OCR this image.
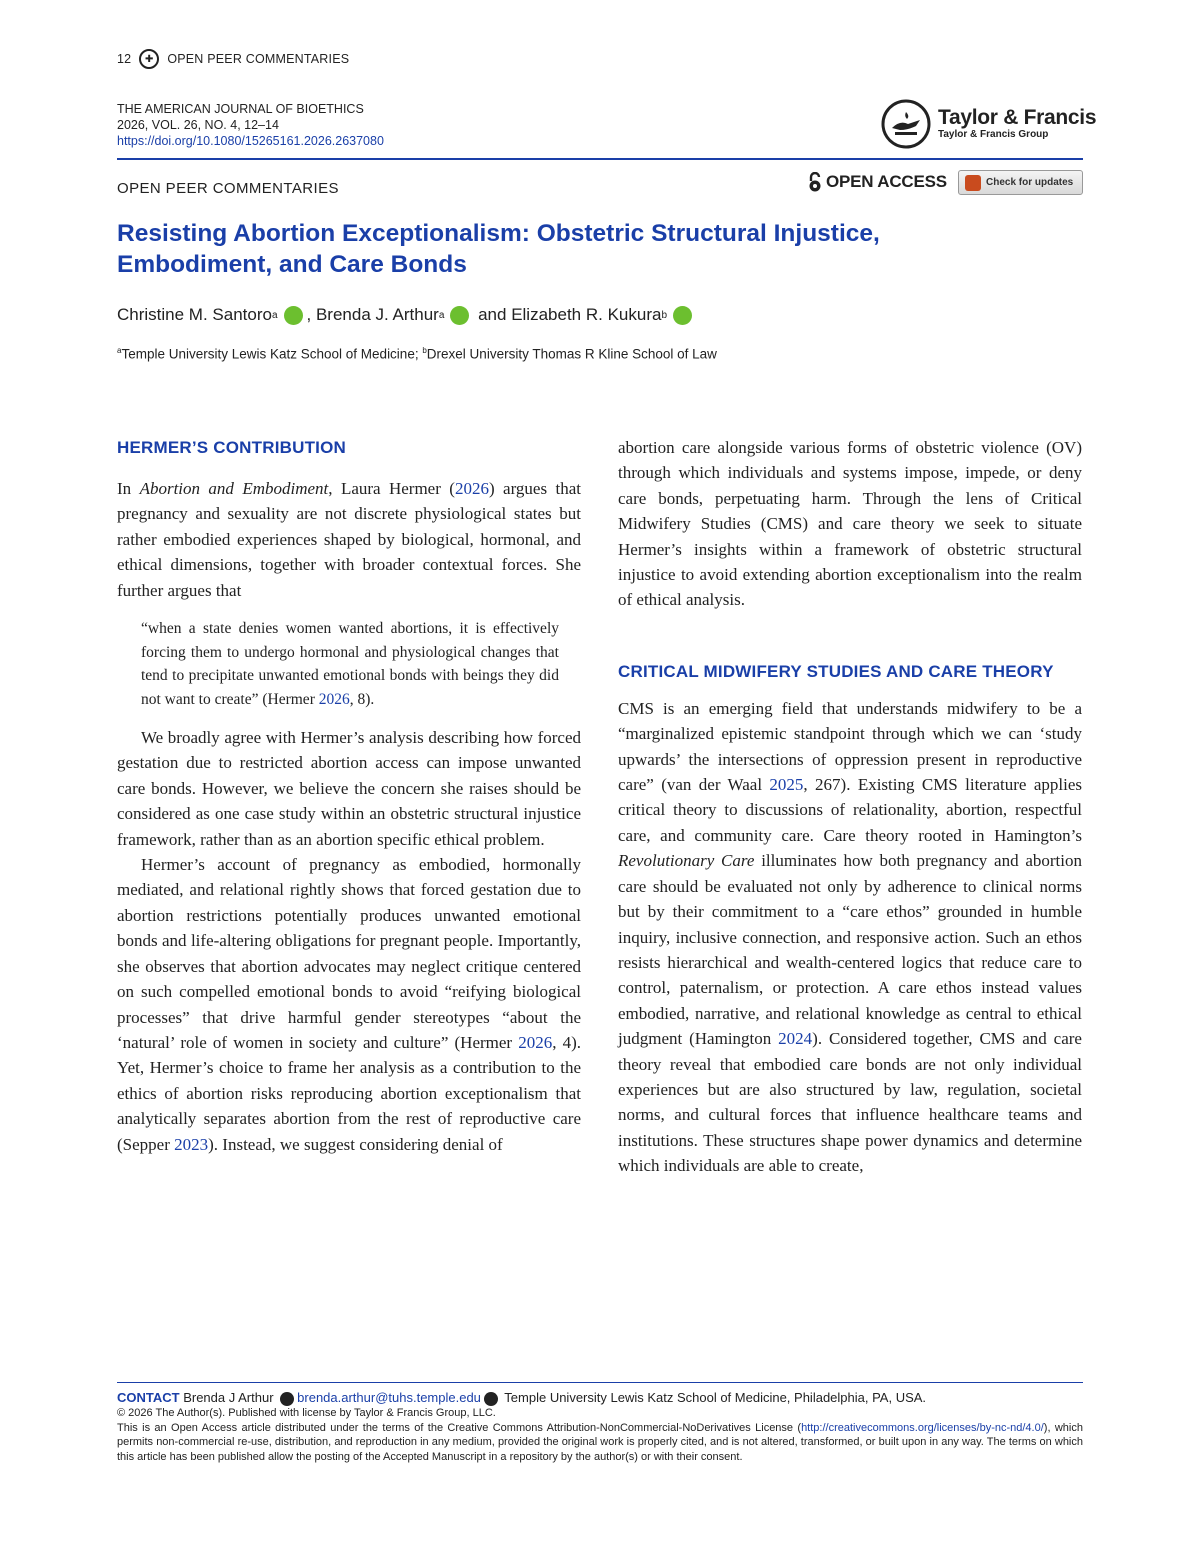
12	✚	OPEN PEER COMMENTARIES
THE AMERICAN JOURNAL OF BIOETHICS
2026, VOL. 26, NO. 4, 12–14
https://doi.org/10.1080/15265161.2026.2637080
Taylor & Francis
Taylor & Francis Group
OPEN PEER COMMENTARIES	OPEN ACCESS	Check for updates
Resisting Abortion Exceptionalism: Obstetric Structural Injustice, Embodiment, and Care Bonds
Christine M. Santoro a , Brenda J. Arthur a and Elizabeth R. Kukura b
$^a$Temple University Lewis Katz School of Medicine; $^b$Drexel University Thomas R Kline School of Law
HERMER’S CONTRIBUTION

In Abortion and Embodiment, Laura Hermer (2026) argues that pregnancy and sexuality are not discrete physiological states but rather embodied experiences shaped by biological, hormonal, and ethical dimensions, together with broader contextual forces. She further argues that

“when a state denies women wanted abortions, it is effectively forcing them to undergo hormonal and physiological changes that tend to precipitate unwanted emotional bonds with beings they did not want to create” (Hermer 2026, 8).

We broadly agree with Hermer’s analysis describing how forced gestation due to restricted abortion access can impose unwanted care bonds. However, we believe the concern she raises should be considered as one case study within an obstetric structural injustice framework, rather than as an abortion specific ethical problem.

Hermer’s account of pregnancy as embodied, hormonally mediated, and relational rightly shows that forced gestation due to abortion restrictions potentially produces unwanted emotional bonds and life-altering obligations for pregnant people. Importantly, she observes that abortion advocates may neglect critique centered on such compelled emotional bonds to avoid “reifying biological processes” that drive harmful gender stereotypes “about the ‘natural’ role of women in society and culture” (Hermer 2026, 4). Yet, Hermer’s choice to frame her analysis as a contribution to the ethics of abortion risks reproducing abortion exceptionalism that analytically separates abortion from the rest of reproductive care (Sepper 2023). Instead, we suggest considering denial of

abortion care alongside various forms of obstetric violence (OV) through which individuals and systems impose, impede, or deny care bonds, perpetuating harm. Through the lens of Critical Midwifery Studies (CMS) and care theory we seek to situate Hermer’s insights within a framework of obstetric structural injustice to avoid extending abortion exceptionalism into the realm of ethical analysis.

CRITICAL MIDWIFERY STUDIES AND CARE THEORY

CMS is an emerging field that understands midwifery to be a “marginalized epistemic standpoint through which we can ‘study upwards’ the intersections of oppression present in reproductive care” (van der Waal 2025, 267). Existing CMS literature applies critical theory to discussions of relationality, abortion, respectful care, and community care. Care theory rooted in Hamington’s Revolutionary Care illuminates how both pregnancy and abortion care should be evaluated not only by adherence to clinical norms but by their commitment to a “care ethos” grounded in humble inquiry, inclusive connection, and responsive action. Such an ethos resists hierarchical and wealth-centered logics that reduce care to control, paternalism, or protection. A care ethos instead values embodied, narrative, and relational knowledge as central to ethical judgment (Hamington 2024). Considered together, CMS and care theory reveal that embodied care bonds are not only individual experiences but are also structured by law, regulation, societal norms, and cultural forces that influence healthcare teams and institutions. These structures shape power dynamics and determine which individuals are able to create,

CONTACT Brenda J Arthur brenda.arthur@tuhs.temple.edu Temple University Lewis Katz School of Medicine, Philadelphia, PA, USA.
© 2026 The Author(s). Published with license by Taylor & Francis Group, LLC.
This is an Open Access article distributed under the terms of the Creative Commons Attribution-NonCommercial-NoDerivatives License (http://creativecommons.org/licenses/by-nc-nd/4.0/), which permits non-commercial re-use, distribution, and reproduction in any medium, provided the original work is properly cited, and is not altered, transformed, or built upon in any way. The terms on which this article has been published allow the posting of the Accepted Manuscript in a repository by the author(s) or with their consent.
